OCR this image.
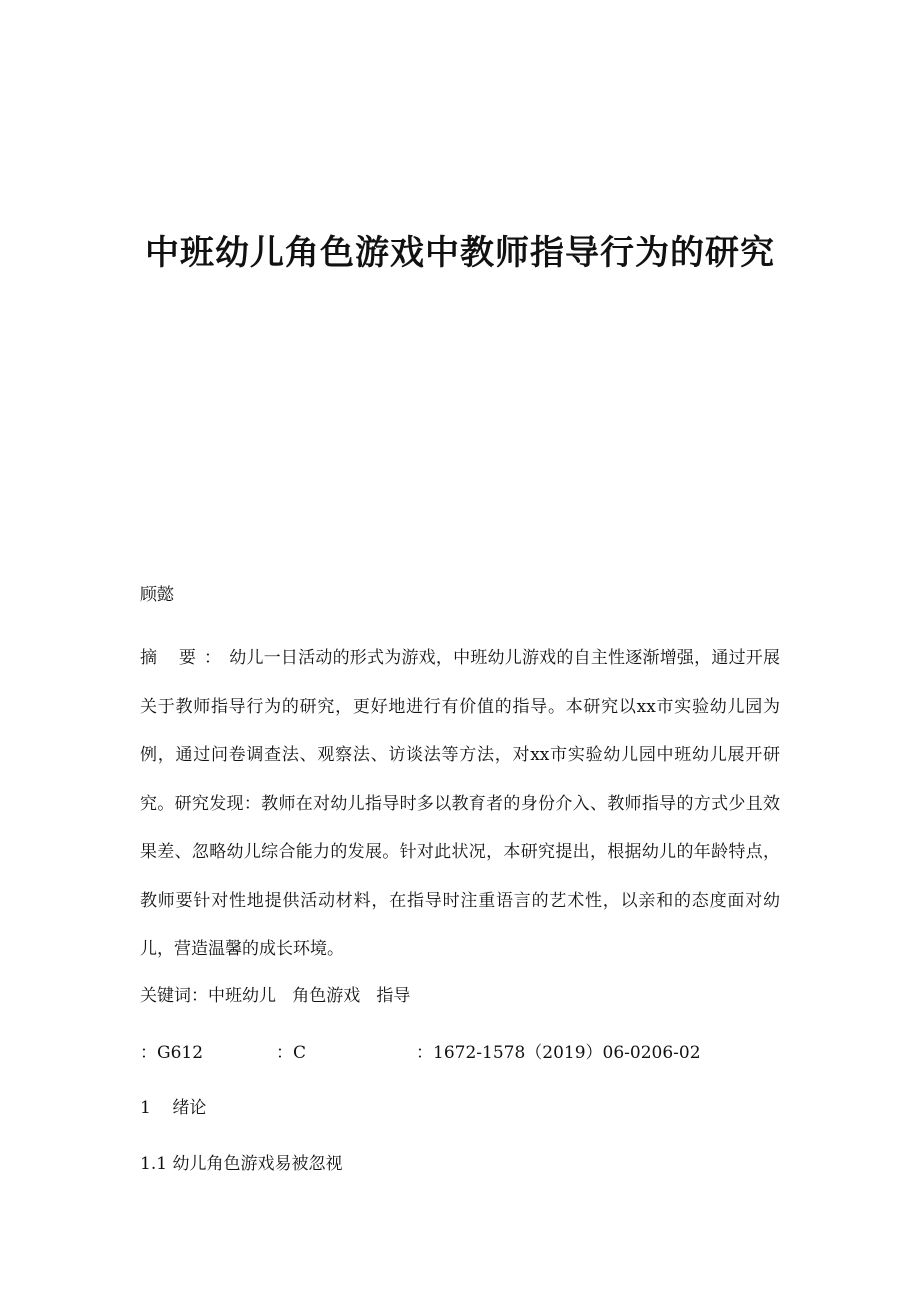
中班幼儿角色游戏中教师指导行为的研究
顾懿
摘 要：幼儿一日活动的形式为游戏，中班幼儿游戏的自主性逐渐增强，通过开展关于教师指导行为的研究，更好地进行有价值的指导。本研究以xx市实验幼儿园为例，通过问卷调查法、观察法、访谈法等方法，对xx市实验幼儿园中班幼儿展开研究。研究发现：教师在对幼儿指导时多以教育者的身份介入、教师指导的方式少且效果差、忽略幼儿综合能力的发展。针对此状况，本研究提出，根据幼儿的年龄特点，教师要针对性地提供活动材料，在指导时注重语言的艺术性，以亲和的态度面对幼儿，营造温馨的成长环境。
关键词：中班幼儿   角色游戏   指导
：G612	：C	：1672-1578（2019）06-0206-02
1    绪论
1.1 幼儿角色游戏易被忽视
